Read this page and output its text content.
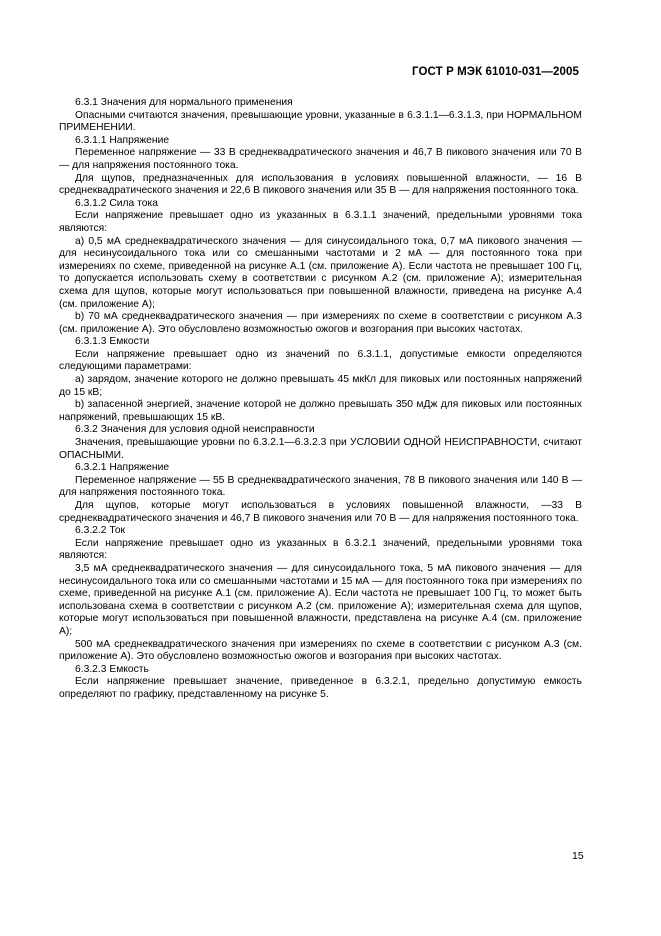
ГОСТ Р МЭК 61010-031—2005

6.3.1 Значения для нормального применения

Опасными считаются значения, превышающие уровни, указанные в 6.3.1.1—6.3.1.3, при НОРМАЛЬНОМ ПРИМЕНЕНИИ.

6.3.1.1 Напряжение

Переменное напряжение — 33 В среднеквадратического значения и 46,7 В пикового значения или 70 В — для напряжения постоянного тока.

Для щупов, предназначенных для использования в условиях повышенной влажности, — 16 В среднеквадратического значения и 22,6 В пикового значения или 35 В — для напряжения постоянного тока.

6.3.1.2 Сила тока

Если напряжение превышает одно из указанных в 6.3.1.1 значений, предельными уровнями тока являются:

a) 0,5 мА среднеквадратического значения — для синусоидального тока, 0,7 мА пикового значения — для несинусоидального тока или со смешанными частотами и 2 мА — для постоянного тока при измерениях по схеме, приведенной на рисунке А.1 (см. приложение А). Если частота не превышает 100 Гц, то допускается использовать схему в соответствии с рисунком А.2 (см. приложение А); измерительная схема для щупов, которые могут использоваться при повышенной влажности, приведена на рисунке А.4 (см. приложение А);

b) 70 мА среднеквадратического значения — при измерениях по схеме в соответствии с рисунком А.3 (см. приложение А). Это обусловлено возможностью ожогов и возгорания при высоких частотах.

6.3.1.3 Емкости

Если напряжение превышает одно из значений по 6.3.1.1, допустимые емкости определяются следующими параметрами:

a) зарядом, значение которого не должно превышать 45 мкКл для пиковых или постоянных напряжений до 15 кВ;

b) запасенной энергией, значение которой не должно превышать 350 мДж для пиковых или постоянных напряжений, превышающих 15 кВ.

6.3.2 Значения для условия одной неисправности

Значения, превышающие уровни по 6.3.2.1—6.3.2.3 при УСЛОВИИ ОДНОЙ НЕИСПРАВНОСТИ, считают ОПАСНЫМИ.

6.3.2.1 Напряжение

Переменное напряжение — 55 В среднеквадратического значения, 78 В пикового значения или 140 В — для напряжения постоянного тока.

Для щупов, которые могут использоваться в условиях повышенной влажности, —33 В среднеквадратического значения и 46,7 В пикового значения или 70 В — для напряжения постоянного тока.

6.3.2.2 Ток

Если напряжение превышает одно из указанных в 6.3.2.1 значений, предельными уровнями тока являются:

3,5 мА среднеквадратического значения — для синусоидального тока, 5 мА пикового значения — для несинусоидального тока или со смешанными частотами и 15 мА — для постоянного тока при измерениях по схеме, приведенной на рисунке А.1 (см. приложение А). Если частота не превышает 100 Гц, то может быть использована схема в соответствии с рисунком А.2 (см. приложение А); измерительная схема для щупов, которые могут использоваться при повышенной влажности, представлена на рисунке А.4 (см. приложение А);

500 мА среднеквадратического значения при измерениях по схеме в соответствии с рисунком А.3 (см. приложение А). Это обусловлено возможностью ожогов и возгорания при высоких частотах.

6.3.2.3 Емкость

Если напряжение превышает значение, приведенное в 6.3.2.1, предельно допустимую емкость определяют по графику, представленному на рисунке 5.

15
